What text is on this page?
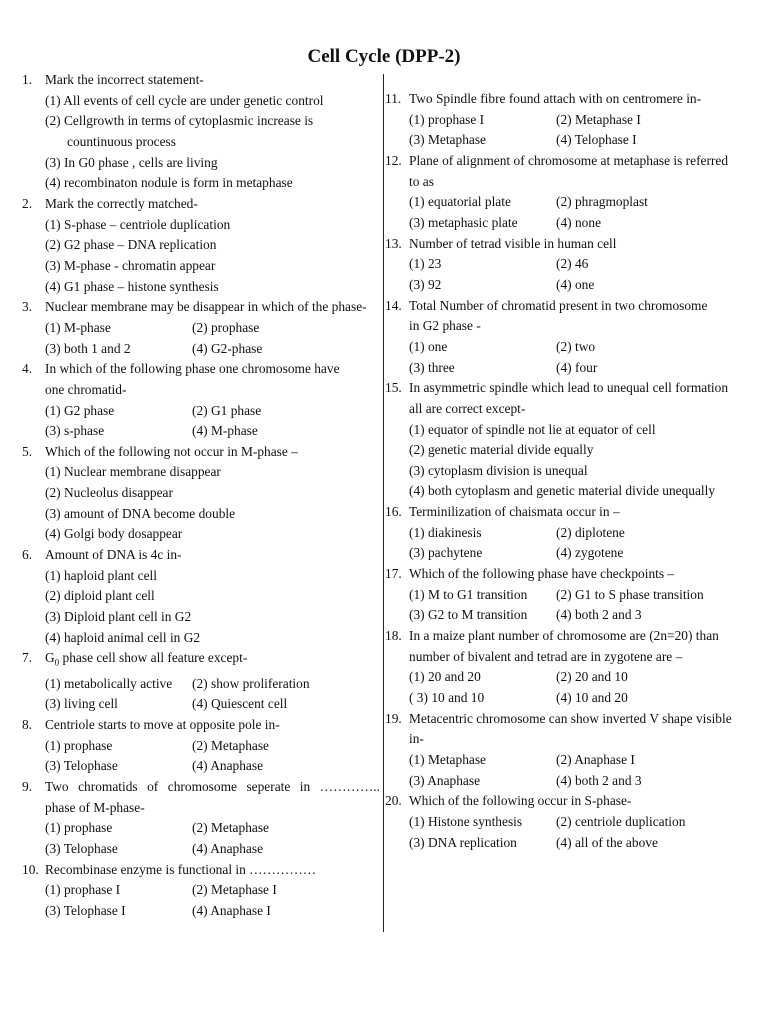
Cell Cycle (DPP-2)
1. Mark the incorrect statement-
(1) All events of cell cycle are under genetic control
(2) Cellgrowth in terms of cytoplasmic increase is
countinuous process
(3) In G0 phase , cells are living
(4) recombinaton nodule is form in metaphase
2. Mark the correctly matched-
(1) S-phase – centriole duplication
(2) G2 phase – DNA replication
(3) M-phase - chromatin appear
(4) G1 phase – histone synthesis
3. Nuclear membrane may be disappear in which of the phase-
(1) M-phase	(2) prophase
(3) both 1 and 2	(4) G2-phase
4. In which of the following phase one chromosome have
one chromatid-
(1) G2 phase	(2) G1 phase
(3) s-phase	(4) M-phase
5. Which of the following not occur in M-phase –
(1) Nuclear membrane disappear
(2) Nucleolus disappear
(3) amount of DNA become double
(4) Golgi body dosappear
6. Amount of DNA is 4c in-
(1) haploid plant cell
(2) diploid plant cell
(3) Diploid plant cell in G2
(4) haploid animal cell in G2
7. $G_0$ phase cell show all feature except-
(1) metabolically active	(2) show proliferation
(3) living cell	(4) Quiescent cell
8. Centriole starts to move at opposite pole in-
(1) prophase	(2) Metaphase
(3) Telophase	(4) Anaphase
9. Two chromatids of chromosome seperate in …………..
phase of M-phase-
(1) prophase	(2) Metaphase
(3) Telophase	(4) Anaphase
10. Recombinase enzyme is functional in ……………
(1) prophase I	(2) Metaphase I
(3) Telophase I	(4) Anaphase I
11. Two Spindle fibre found attach with on centromere in-
(1) prophase I	(2) Metaphase I
(3) Metaphase	(4) Telophase I
12. Plane of alignment of chromosome at metaphase is referred
to as
(1) equatorial plate	(2) phragmoplast
(3) metaphasic plate	(4) none
13. Number of tetrad visible in human cell
(1) 23	(2) 46
(3) 92	(4) one
14. Total Number of chromatid present in two chromosome
in G2 phase -
(1) one	(2) two
(3) three	(4) four
15. In asymmetric spindle which lead to unequal cell formation
all are correct except-
(1) equator of spindle not lie at equator of cell
(2) genetic material divide equally
(3) cytoplasm division is unequal
(4) both cytoplasm and genetic material divide unequally
16. Terminilization of chaismata occur in –
(1) diakinesis	(2) diplotene
(3) pachytene	(4) zygotene
17. Which of the following phase have checkpoints –
(1) M to G1 transition	(2) G1 to S phase transition
(3) G2 to M transition	(4) both 2 and 3
18. In a maize plant number of chromosome are (2n=20) than
number of bivalent and tetrad are in zygotene are –
(1) 20 and 20	(2) 20 and 10
( 3) 10 and 10	(4) 10 and 20
19. Metacentric chromosome can show inverted V shape visible
in-
(1) Metaphase	(2) Anaphase I
(3) Anaphase	(4) both 2 and 3
20. Which of the following occur in S-phase-
(1) Histone synthesis	(2) centriole duplication
(3) DNA replication	(4) all of the above
